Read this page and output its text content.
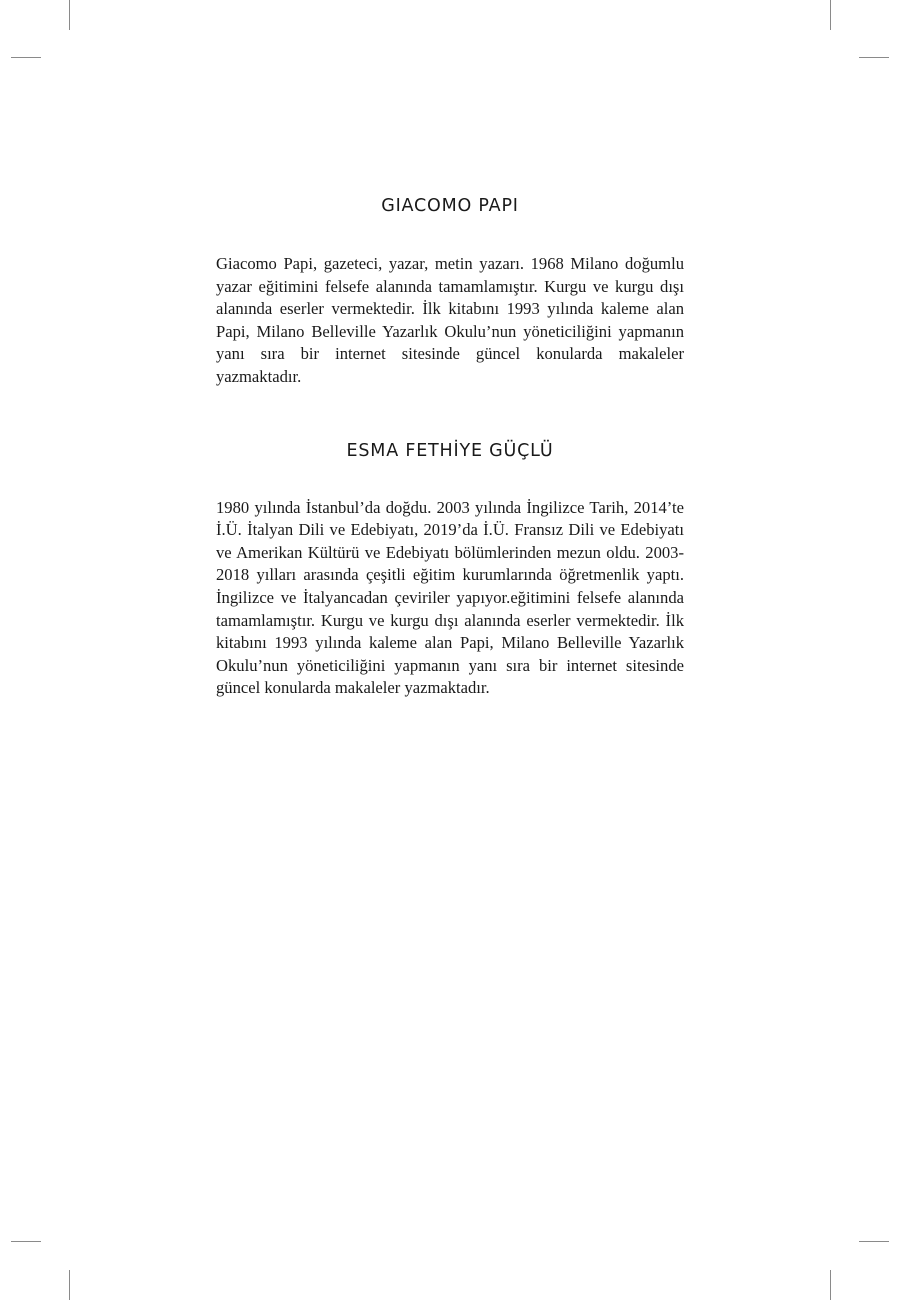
GIACOMO PAPI

Giacomo Papi, gazeteci, yazar, metin yazarı. 1968 Milano doğumlu yazar eğitimini felsefe alanında tamamlamıştır. Kurgu ve kurgu dışı alanında eserler vermektedir. İlk kitabını 1993 yılında kaleme alan Papi, Milano Belleville Yazarlık Okulu’nun yöneticiliğini yapmanın yanı sıra bir internet sitesinde güncel konularda makaleler yazmaktadır.

ESMA FETHİYE GÜÇLÜ

1980 yılında İstanbul’da doğdu. 2003 yılında İngilizce Tarih, 2014’te İ.Ü. İtalyan Dili ve Edebiyatı, 2019’da İ.Ü. Fransız Dili ve Edebiyatı ve Amerikan Kültürü ve Edebiyatı bölümlerinden mezun oldu. 2003-2018 yılları arasında çeşitli eğitim kurumlarında öğretmenlik yaptı. İngilizce ve İtalyancadan çeviriler yapıyor.eğitimini felsefe alanında tamamlamıştır. Kurgu ve kurgu dışı alanında eserler vermektedir. İlk kitabını 1993 yılında kaleme alan Papi, Milano Belleville Yazarlık Okulu’nun yöneticiliğini yapmanın yanı sıra bir internet sitesinde güncel konularda makaleler yazmaktadır.
